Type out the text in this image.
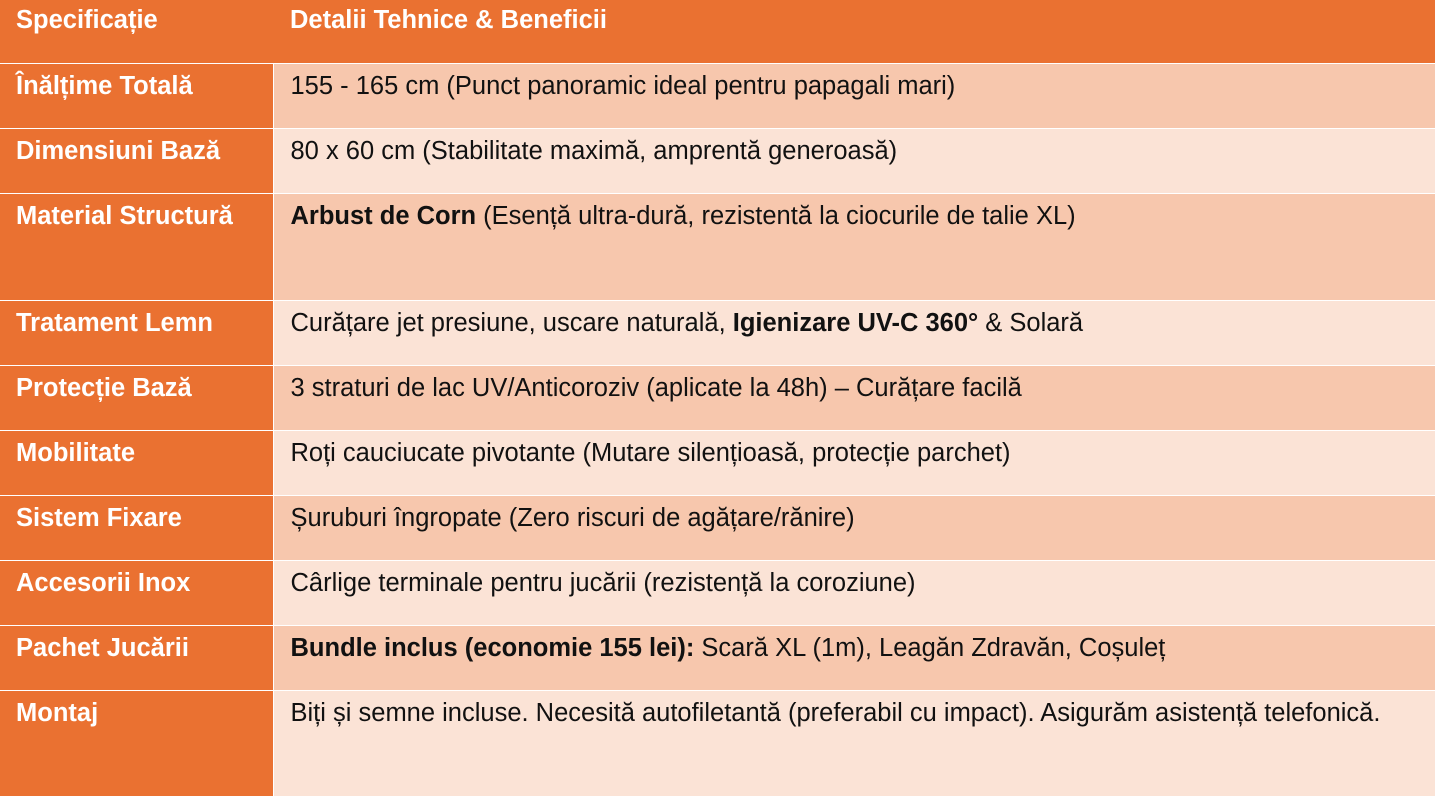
Specificație	Detalii Tehnice & Beneficii
Înălțime Totală	155 - 165 cm (Punct panoramic ideal pentru papagali mari)
Dimensiuni Bază	80 x 60 cm (Stabilitate maximă, amprentă generoasă)
Material Structură	Arbust de Corn (Esență ultra-dură, rezistentă la ciocurile de talie XL)
Tratament Lemn	Curățare jet presiune, uscare naturală, Igienizare UV-C 360° & Solară
Protecție Bază	3 straturi de lac UV/Anticoroziv (aplicate la 48h) – Curățare facilă
Mobilitate	Roți cauciucate pivotante (Mutare silențioasă, protecție parchet)
Sistem Fixare	Șuruburi îngropate (Zero riscuri de agățare/rănire)
Accesorii Inox	Cârlige terminale pentru jucării (rezistență la coroziune)
Pachet Jucării	Bundle inclus (economie 155 lei): Scară XL (1m), Leagăn Zdravăn, Coșuleț
Montaj	Biți și semne incluse. Necesită autofiletantă (preferabil cu impact). Asigurăm asistență telefonică.
